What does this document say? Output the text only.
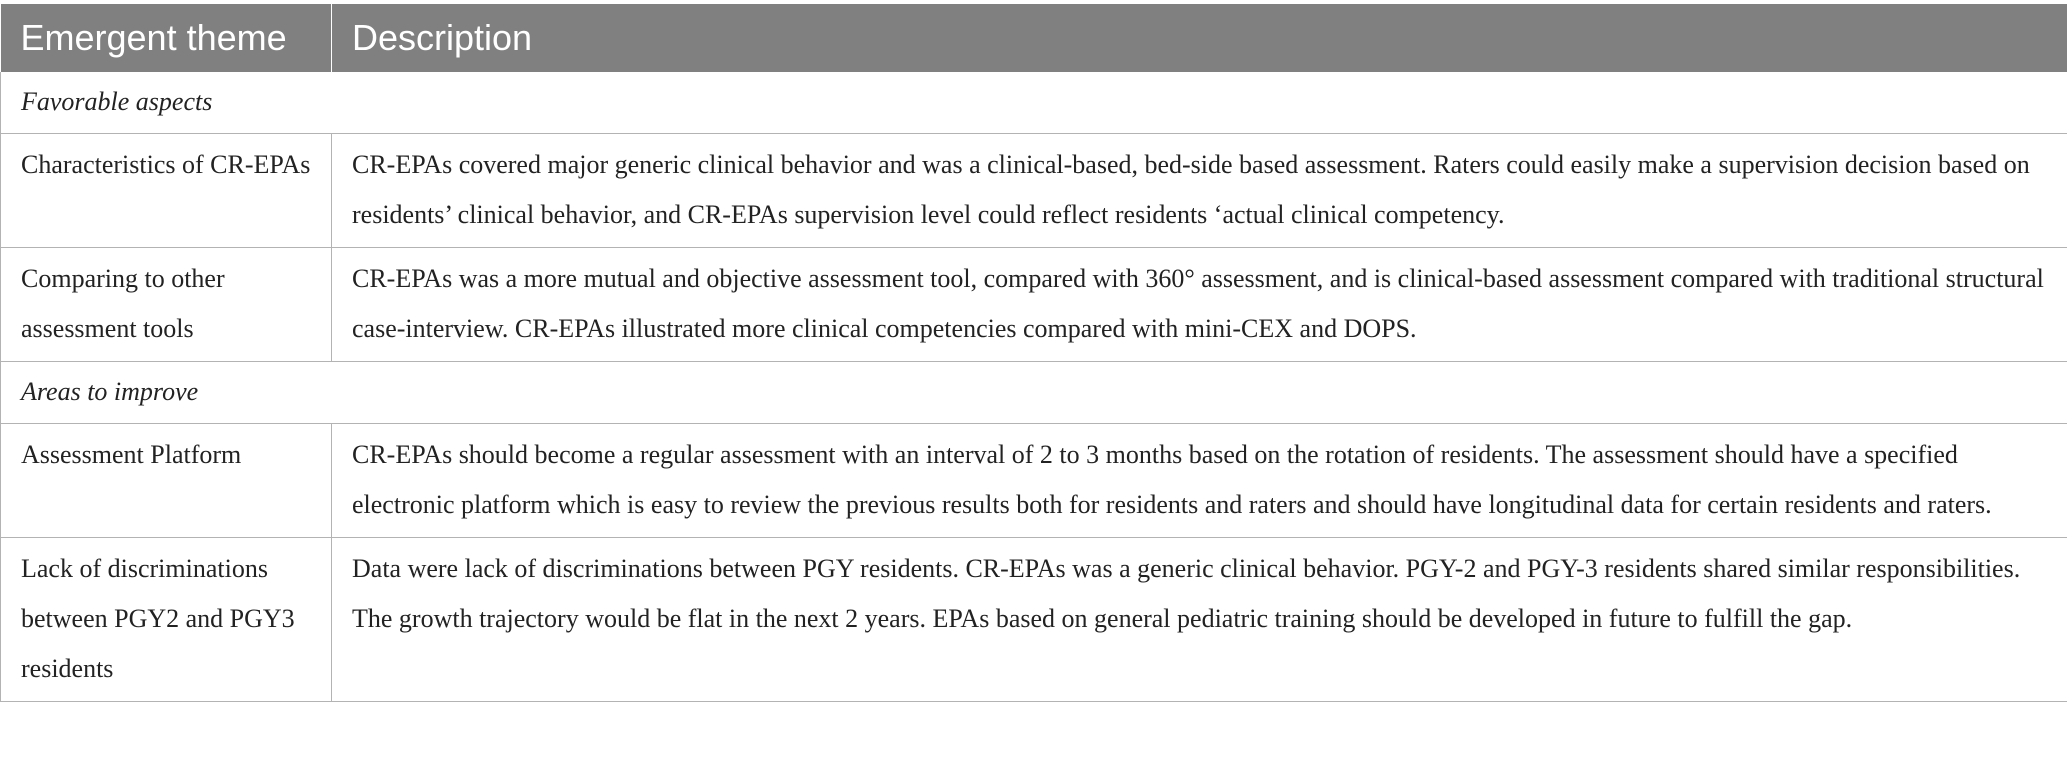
Emergent theme	Description
Favorable aspects	
Characteristics of CR-EPAs	CR-EPAs covered major generic clinical behavior and was a clinical-based, bed-side based assessment. Raters could easily make a supervision decision based on residents’ clinical behavior, and CR-EPAs supervision level could reflect residents ‘actual clinical competency.
Comparing to other assessment tools	CR-EPAs was a more mutual and objective assessment tool, compared with 360° assessment, and is clinical-based assessment compared with traditional structural case-interview. CR-EPAs illustrated more clinical competencies compared with mini-CEX and DOPS.
Areas to improve	
Assessment Platform	CR-EPAs should become a regular assessment with an interval of 2 to 3 months based on the rotation of residents. The assessment should have a specified electronic platform which is easy to review the previous results both for residents and raters and should have longitudinal data for certain residents and raters.
Lack of discriminations between PGY2 and PGY3 residents	Data were lack of discriminations between PGY residents. CR-EPAs was a generic clinical behavior. PGY-2 and PGY-3 residents shared similar responsibilities. The growth trajectory would be flat in the next 2 years. EPAs based on general pediatric training should be developed in future to fulfill the gap.
